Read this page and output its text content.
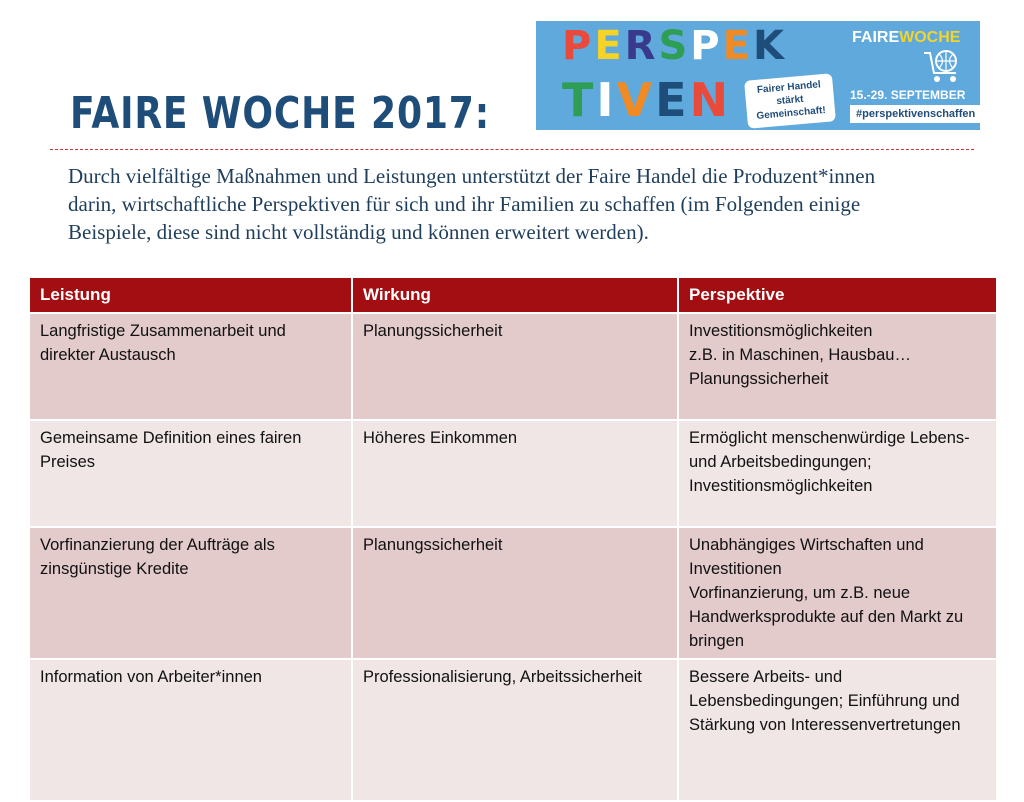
FAIRE WOCHE 2017:
PERSPEK
TIVEN	Fairer Handel
stärkt
Gemeinschaft!
FAIREWOCHE
15.-29. SEPTEMBER
#perspektivenschaffen

Durch vielfältige Maßnahmen und Leistungen unterstützt der Faire Handel die Produzent*innen darin, wirtschaftliche Perspektiven für sich und ihr Familien zu schaffen (im Folgenden einige Beispiele, diese sind nicht vollständig und können erweitert werden).

Leistung	Wirkung	Perspektive

Langfristige Zusammenarbeit und direkter Austausch	Planungssicherheit	Investitionsmöglichkeiten
z.B. in Maschinen, Hausbau…
Planungssicherheit

Gemeinsame Definition eines fairen Preises	Höheres Einkommen	Ermöglicht menschenwürdige Lebens- und Arbeitsbedingungen; Investitionsmöglichkeiten

Vorfinanzierung der Aufträge als zinsgünstige Kredite	Planungssicherheit	Unabhängiges Wirtschaften und Investitionen
Vorfinanzierung, um z.B. neue Handwerksprodukte auf den Markt zu bringen

Information von Arbeiter*innen	Professionalisierung, Arbeitssicherheit	Bessere Arbeits- und Lebensbedingungen; Einführung und Stärkung von Interessenvertretungen
